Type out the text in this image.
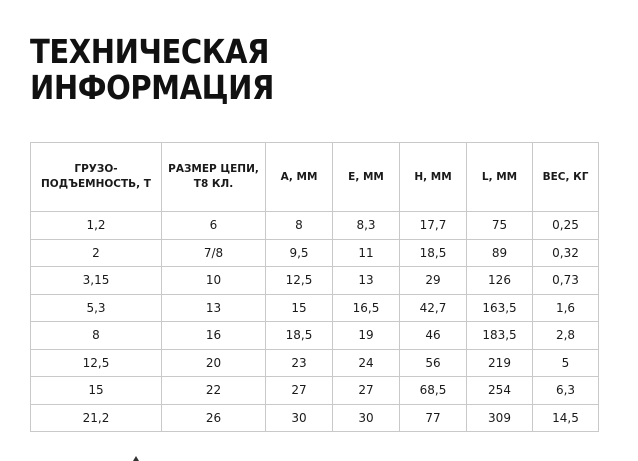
ТЕХНИЧЕСКАЯ
ИНФОРМАЦИЯ
ГРУЗО-
ПОДЪЕМНОСТЬ, Т	РАЗМЕР ЦЕПИ,
Т8 КЛ.	A, ММ	E, ММ	H, ММ	L, ММ	ВЕС, КГ
1,2	6	8	8,3	17,7	75	0,25
2	7/8	9,5	11	18,5	89	0,32
3,15	10	12,5	13	29	126	0,73
5,3	13	15	16,5	42,7	163,5	1,6
8	16	18,5	19	46	183,5	2,8
12,5	20	23	24	56	219	5
15	22	27	27	68,5	254	6,3
21,2	26	30	30	77	309	14,5
